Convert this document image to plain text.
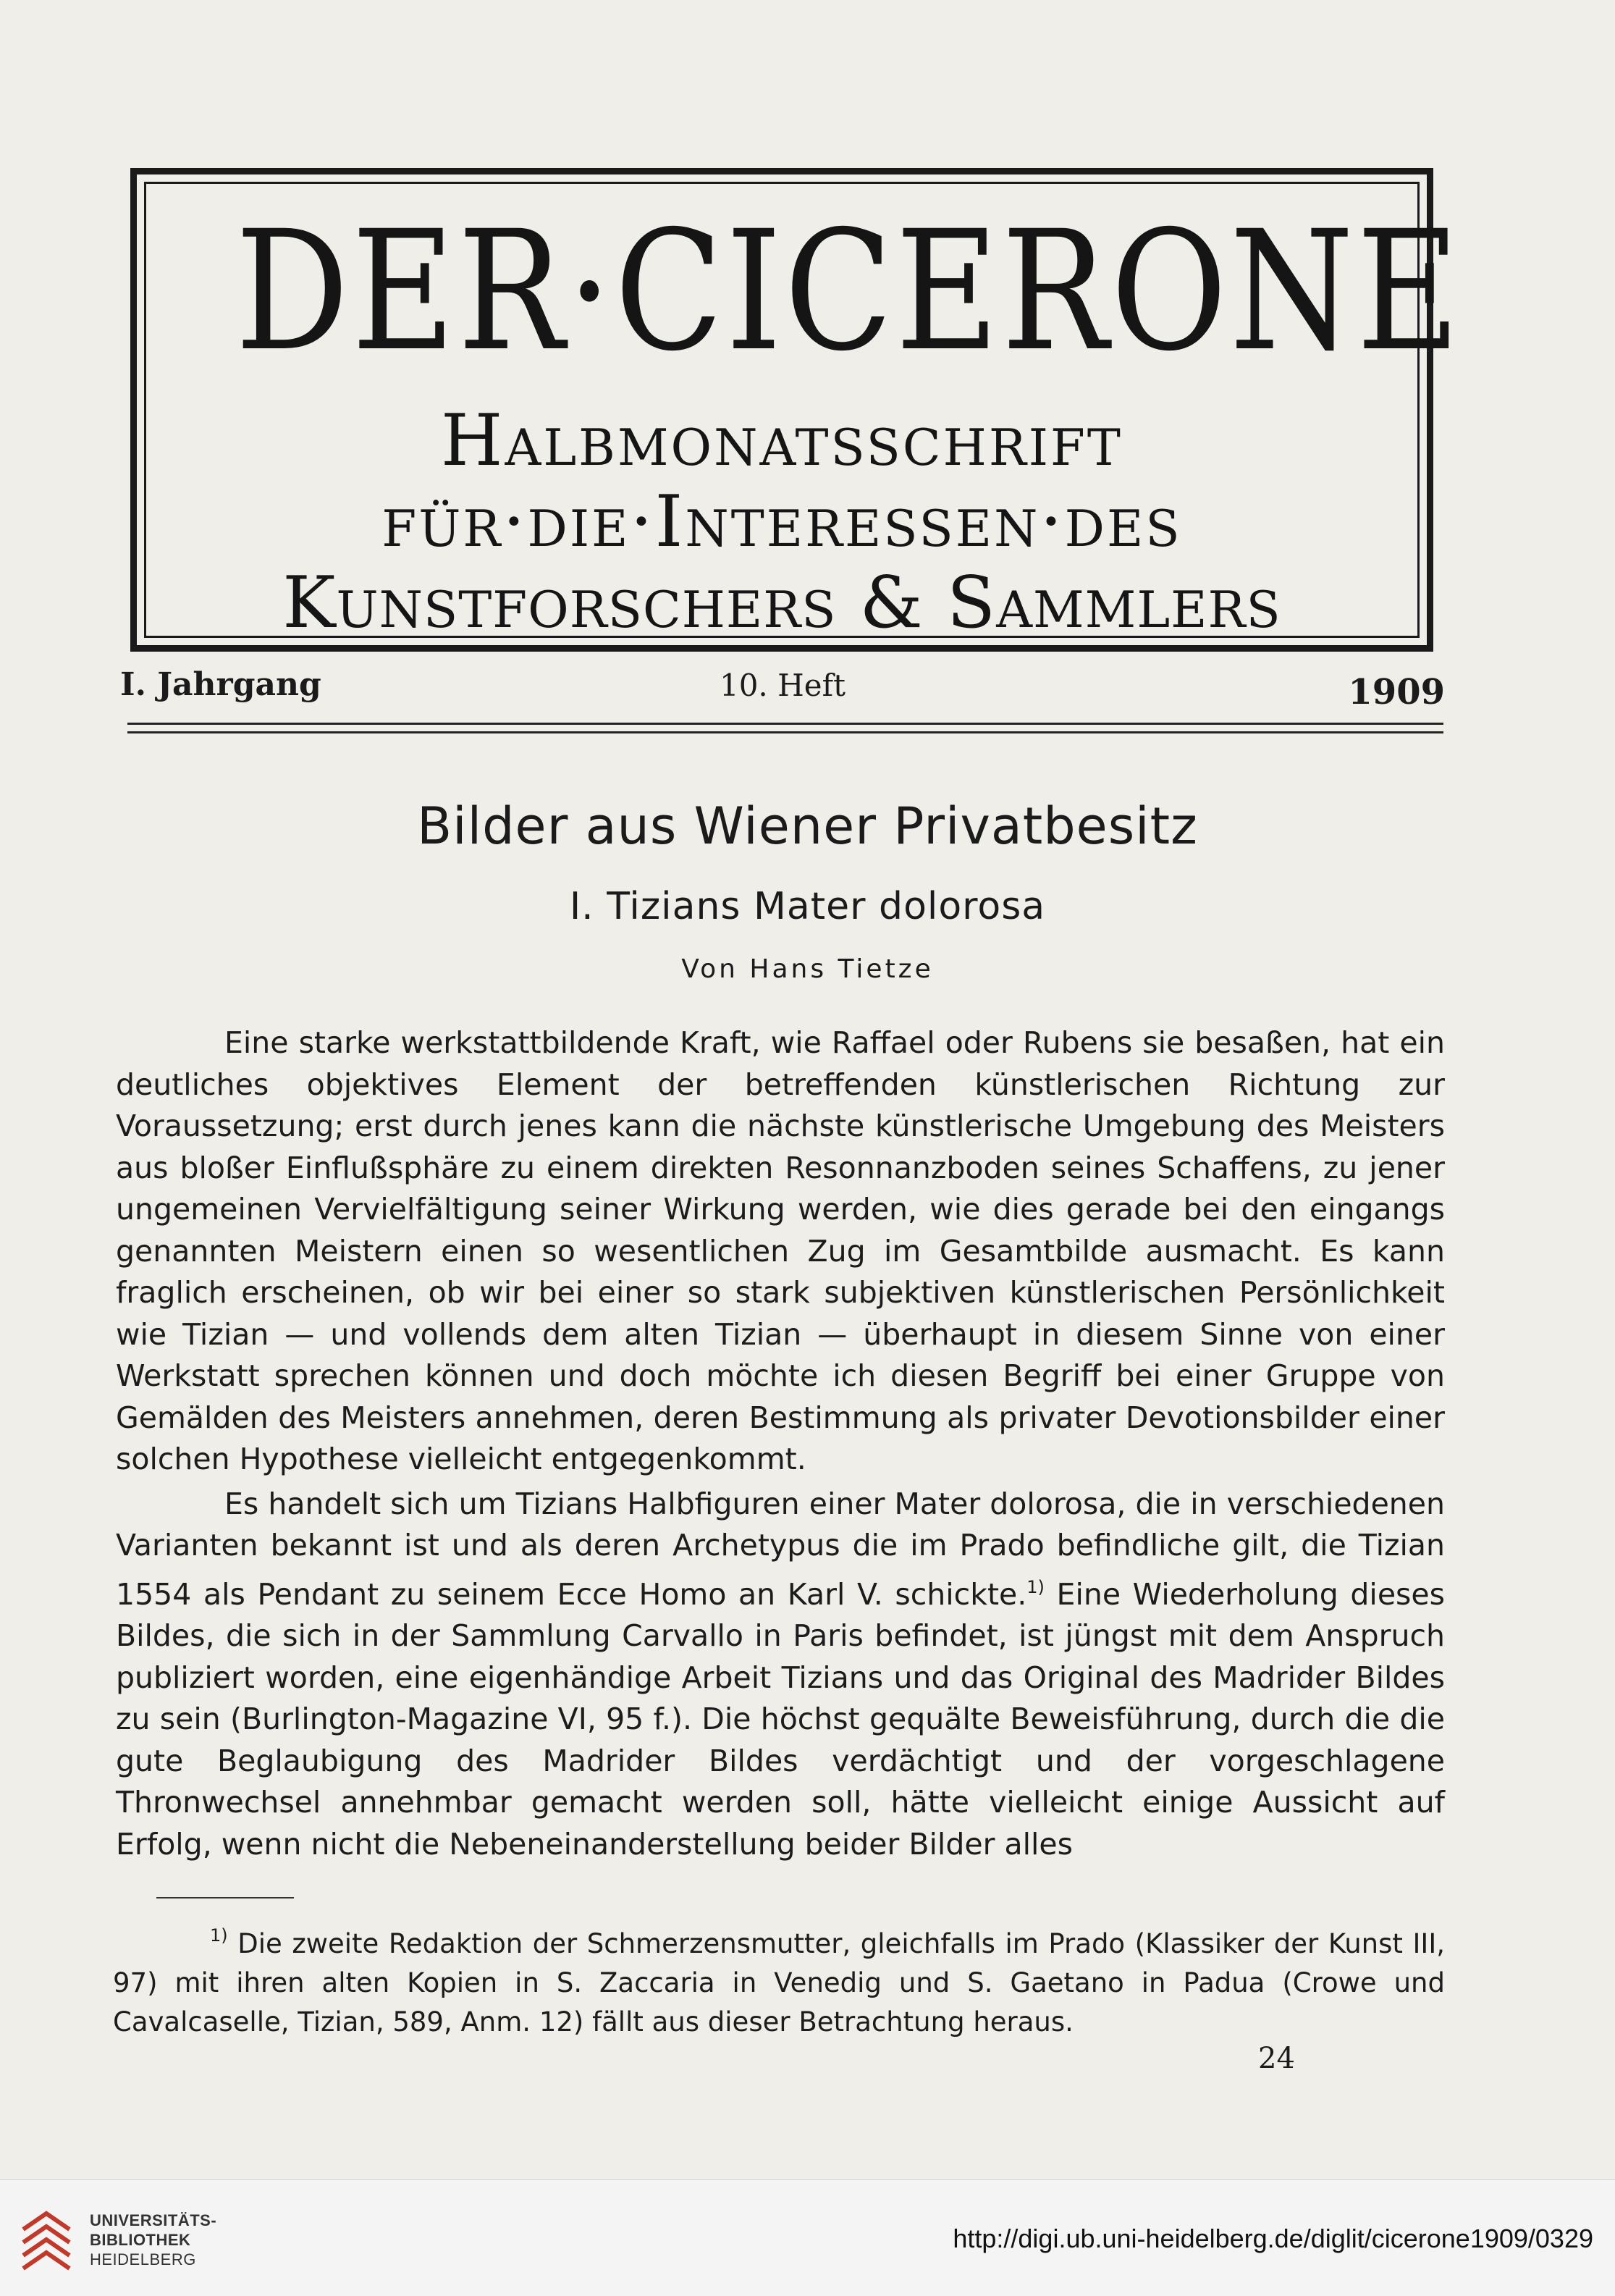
DER·CICERONE
Halbmonatsschrift
für·die·Interessen·des
Kunstforschers & Sammlers
I. Jahrgang	10. Heft	1909
Bilder aus Wiener Privatbesitz
I. Tizians Mater dolorosa
Von Hans Tietze

Eine starke werkstattbildende Kraft, wie Raffael oder Rubens sie besaßen, hat ein deutliches objektives Element der betreffenden künstlerischen Richtung zur Voraussetzung; erst durch jenes kann die nächste künstlerische Umgebung des Meisters aus bloßer Einflußsphäre zu einem direkten Resonnanzboden seines Schaffens, zu jener ungemeinen Vervielfältigung seiner Wirkung werden, wie dies gerade bei den eingangs genannten Meistern einen so wesentlichen Zug im Gesamtbilde ausmacht. Es kann fraglich erscheinen, ob wir bei einer so stark subjektiven künstlerischen Persönlichkeit wie Tizian — und vollends dem alten Tizian — überhaupt in diesem Sinne von einer Werkstatt sprechen können und doch möchte ich diesen Begriff bei einer Gruppe von Gemälden des Meisters annehmen, deren Bestimmung als privater Devotionsbilder einer solchen Hypothese vielleicht entgegenkommt.

Es handelt sich um Tizians Halbfiguren einer Mater dolorosa, die in verschiedenen Varianten bekannt ist und als deren Archetypus die im Prado befindliche gilt, die Tizian 1554 als Pendant zu seinem Ecce Homo an Karl V. schickte.$^{1)}$ Eine Wiederholung dieses Bildes, die sich in der Sammlung Carvallo in Paris befindet, ist jüngst mit dem Anspruch publiziert worden, eine eigenhändige Arbeit Tizians und das Original des Madrider Bildes zu sein (Burlington-Magazine VI, 95 f.). Die höchst gequälte Beweisführung, durch die die gute Beglaubigung des Madrider Bildes verdächtigt und der vorgeschlagene Thronwechsel annehmbar gemacht werden soll, hätte vielleicht einige Aussicht auf Erfolg, wenn nicht die Nebeneinanderstellung beider Bilder alles

$^{1)}$ Die zweite Redaktion der Schmerzensmutter, gleichfalls im Prado (Klassiker der Kunst III, 97) mit ihren alten Kopien in S. Zaccaria in Venedig und S. Gaetano in Padua (Crowe und Cavalcaselle, Tizian, 589, Anm. 12) fällt aus dieser Betrachtung heraus.

24
UNIVERSITÄTS-
BIBLIOTHEK
HEIDELBERG
http://digi.ub.uni-heidelberg.de/diglit/cicerone1909/0329
